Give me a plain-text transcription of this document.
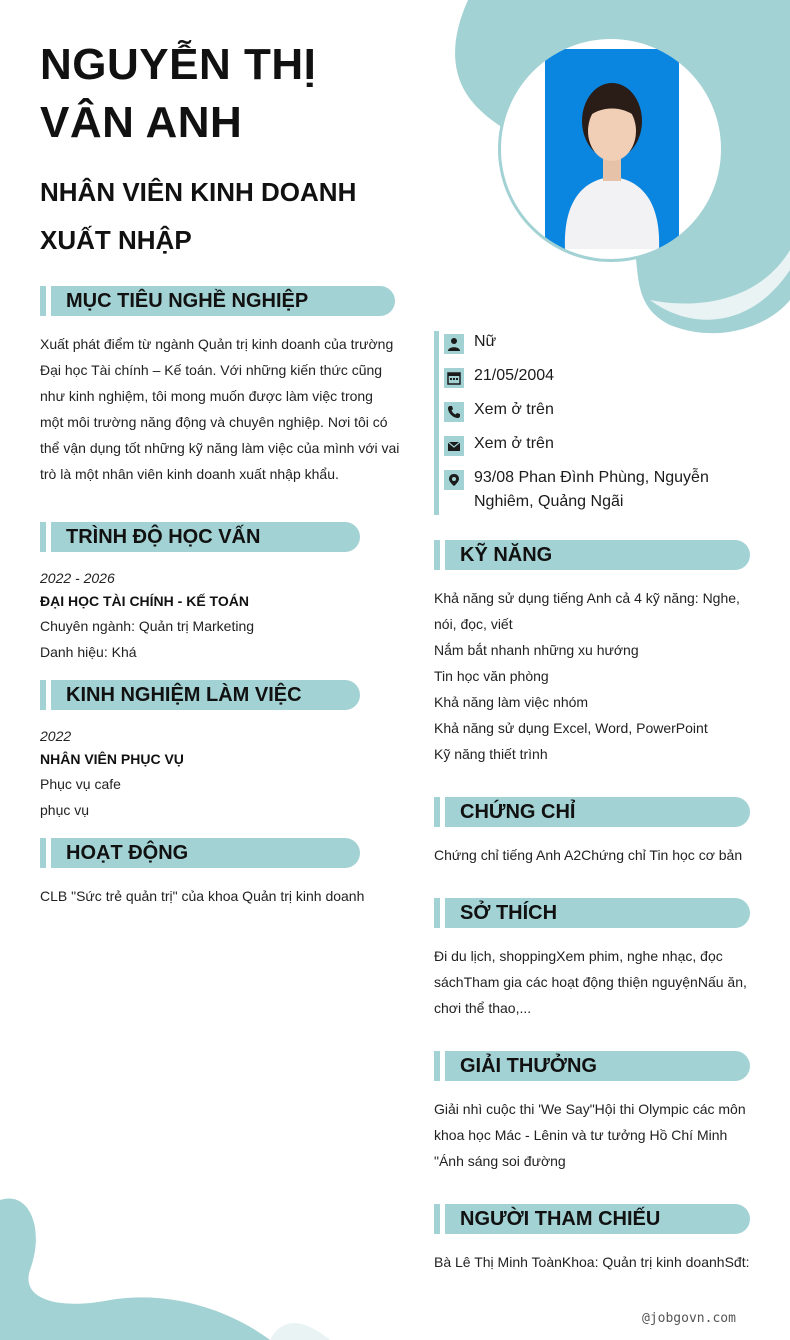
NGUYỄN THỊ
VÂN ANH
NHÂN VIÊN KINH DOANH
XUẤT NHẬP
MỤC TIÊU NGHỀ NGHIỆP
Xuất phát điểm từ ngành Quản trị kinh doanh của trường
Đại học Tài chính – Kế toán. Với những kiến thức cũng
như kinh nghiệm, tôi mong muốn được làm việc trong
một môi trường năng động và chuyên nghiệp. Nơi tôi có
thể vận dụng tốt những kỹ năng làm việc của mình với vai
trò là một nhân viên kinh doanh xuất nhập khẩu.
TRÌNH ĐỘ HỌC VẤN
2022 - 2026
ĐẠI HỌC TÀI CHÍNH - KẾ TOÁN
Chuyên ngành: Quản trị Marketing
Danh hiệu: Khá
KINH NGHIỆM LÀM VIỆC
2022
NHÂN VIÊN PHỤC VỤ
Phục vụ cafe
phục vụ
HOẠT ĐỘNG
CLB "Sức trẻ quản trị" của khoa Quản trị kinh doanh
Nữ
21/05/2004
Xem ở trên
Xem ở trên
93/08 Phan Đình Phùng, Nguyễn
Nghiêm, Quảng Ngãi
KỸ NĂNG
Khả năng sử dụng tiếng Anh cả 4 kỹ năng: Nghe,
nói, đọc, viết
Nắm bắt nhanh những xu hướng
Tin học văn phòng
Khả năng làm việc nhóm
Khả năng sử dụng Excel, Word, PowerPoint
Kỹ năng thiết trình
CHỨNG CHỈ
Chứng chỉ tiếng Anh A2Chứng chỉ Tin học cơ bản
SỞ THÍCH
Đi du lịch, shoppingXem phim, nghe nhạc, đọc
sáchTham gia các hoạt động thiện nguyệnNấu ăn,
chơi thể thao,...
GIẢI THƯỞNG
Giải nhì cuộc thi 'We Say"Hội thi Olympic các môn
khoa học Mác - Lênin và tư tưởng Hồ Chí Minh
"Ánh sáng soi đường
NGƯỜI THAM CHIẾU
Bà Lê Thị Minh ToànKhoa: Quản trị kinh doanhSđt:
@jobgovn.com
